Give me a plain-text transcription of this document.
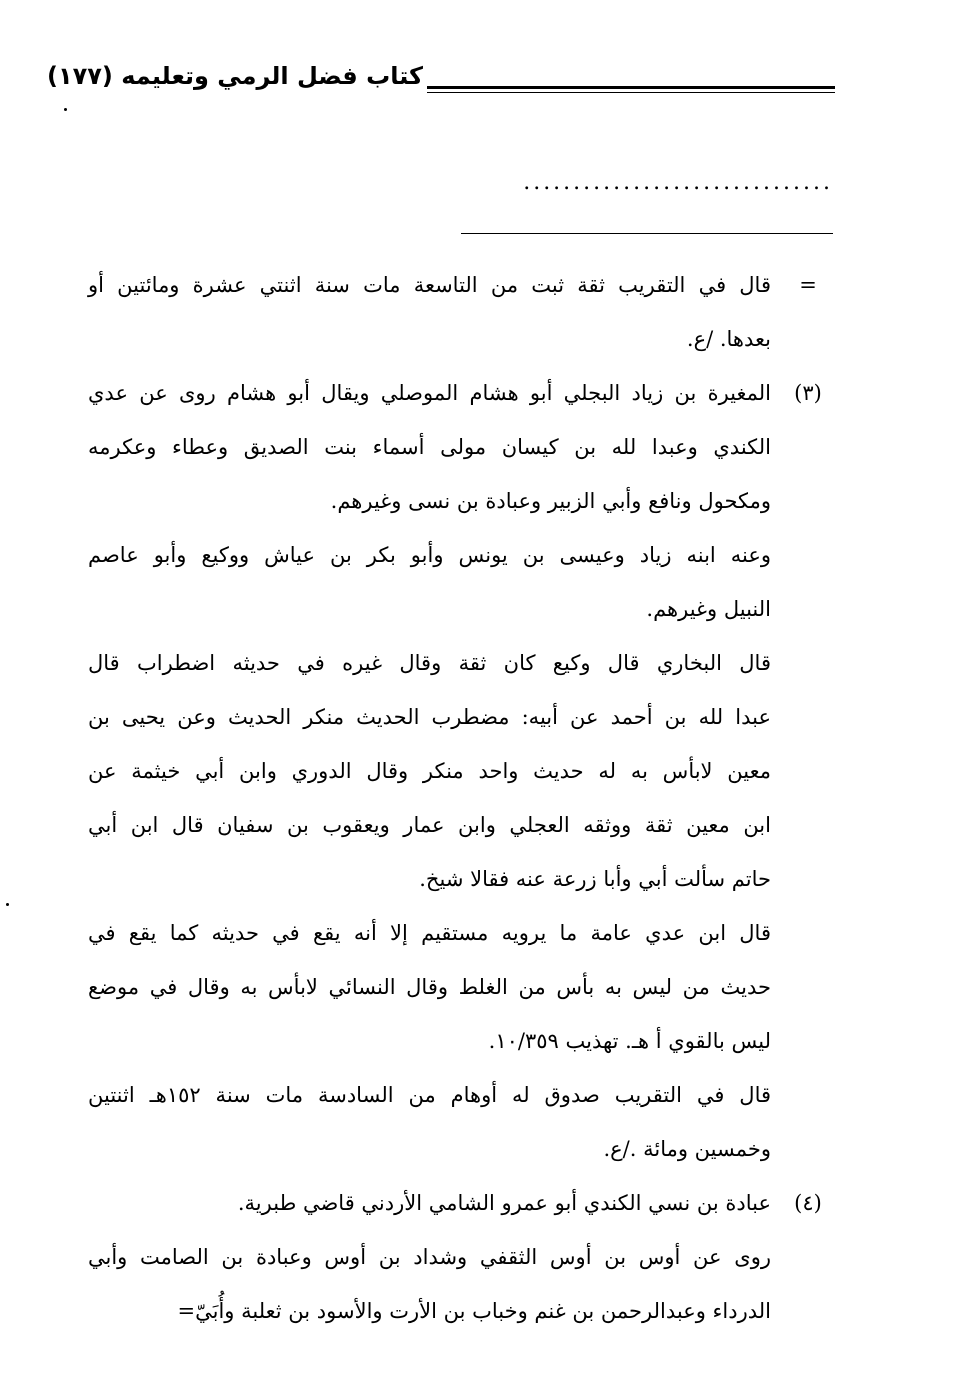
كتاب فضل الرمي وتعليمه (١٧٧)
...............................
=
قال في التقريب ثقة ثبت من التاسعة مات سنة اثنتي عشرة ومائتين أو
بعدها. /ع.
(٣)
المغيرة بن زياد البجلي أبو هشام الموصلي ويقال أبو هشام روى عن عدي
الكندي وعبدا لله بن كيسان مولى أسماء بنت الصديق وعطاء وعكرمه
ومكحول ونافع وأبي الزبير وعبادة بن نسى وغيرهم.
وعنه ابنه زياد وعيسى بن يونس وأبو بكر بن عياش ووكيع وأبو عاصم
النبيل وغيرهم.
قال البخاري قال وكيع كان ثقة وقال غيره في حديثه اضطراب قال
عبدا لله بن أحمد عن أبيه: مضطرب الحديث منكر الحديث وعن يحيى بن
معين لابأس به له حديث واحد منكر وقال الدوري وابن أبي خيثمة عن
ابن معين ثقة ووثقه العجلي وابن عمار ويعقوب بن سفيان قال ابن أبي
حاتم سألت أبي وأبا زرعة عنه فقالا شيخ.
قال ابن عدي عامة ما يرويه مستقيم إلا أنه يقع في حديثه كما يقع في
حديث من ليس به بأس من الغلط وقال النسائي لابأس به وقال في موضع
ليس بالقوي أ هـ. تهذيب ١٠/٣٥٩.
قال في التقريب صدوق له أوهام من السادسة مات سنة ١٥٢هـ اثنتين
وخمسين ومائة ./ع.
(٤)
عبادة بن نسي الكندي أبو عمرو الشامي الأردني قاضي طبرية.
روى عن أوس بن أوس الثقفي وشداد بن أوس وعبادة بن الصامت وأبي
الدرداء وعبدالرحمن بن غنم وخباب بن الأرت والأسود بن ثعلبة وأُبَيّ=
